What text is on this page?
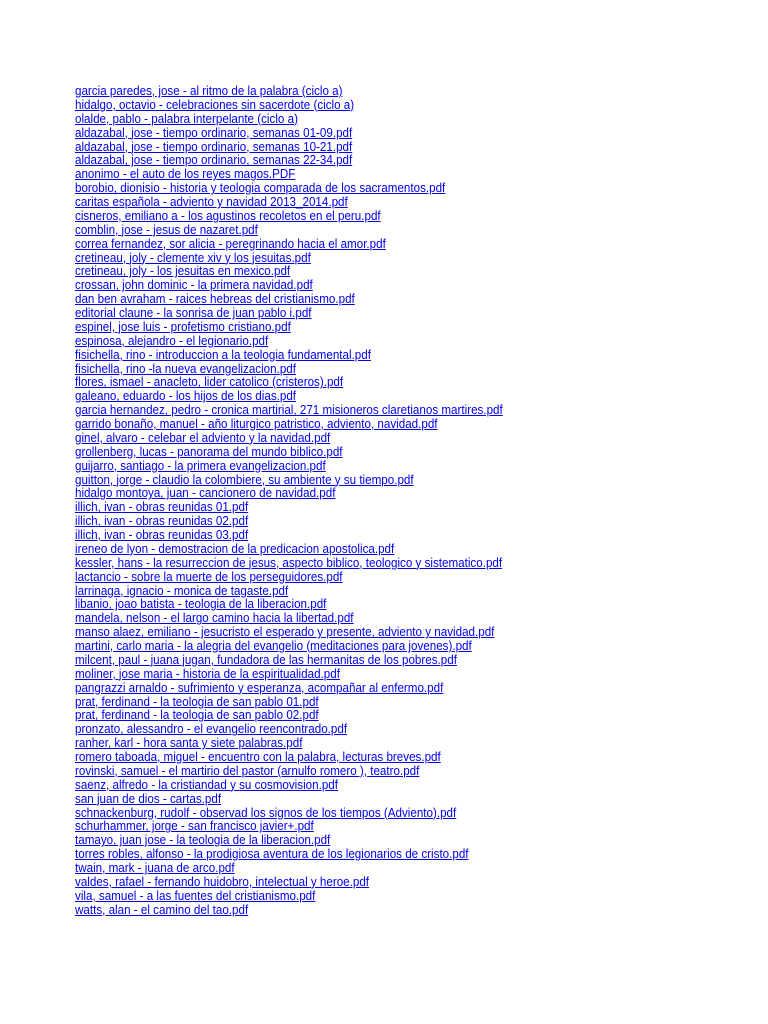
garcia paredes, jose - al ritmo de la palabra (ciclo a)
hidalgo, octavio - celebraciones sin sacerdote (ciclo a)
olalde, pablo - palabra interpelante (ciclo a)
aldazabal, jose - tiempo ordinario, semanas 01-09.pdf
aldazabal, jose - tiempo ordinario, semanas 10-21.pdf
aldazabal, jose - tiempo ordinario, semanas 22-34.pdf
anonimo - el auto de los reyes magos.PDF
borobio, dionisio - historia y teologia comparada de los sacramentos.pdf
caritas española - adviento y navidad 2013_2014.pdf
cisneros, emiliano a - los agustinos recoletos en el peru.pdf
comblin, jose - jesus de nazaret.pdf
correa fernandez, sor alicia - peregrinando hacia el amor.pdf
cretineau, joly - clemente xiv y los jesuitas.pdf
cretineau, joly - los jesuitas en mexico.pdf
crossan, john dominic - la primera navidad.pdf
dan ben avraham - raices hebreas del cristianismo.pdf
editorial claune - la sonrisa de juan pablo i.pdf
espinel, jose luis - profetismo cristiano.pdf
espinosa, alejandro - el legionario.pdf
fisichella, rino - introduccion a la teologia fundamental.pdf
fisichella, rino -la nueva evangelizacion.pdf
flores, ismael - anacleto, lider catolico (cristeros).pdf
galeano, eduardo - los hijos de los dias.pdf
garcia hernandez, pedro - cronica martirial, 271 misioneros claretianos martires.pdf
garrido bonaño, manuel - año liturgico patristico, adviento, navidad.pdf
ginel, alvaro - celebar el adviento y la navidad.pdf
grollenberg, lucas - panorama del mundo biblico.pdf
guijarro, santiago - la primera evangelizacion.pdf
guitton, jorge - claudio la colombiere, su ambiente y su tiempo.pdf
hidalgo montoya, juan - cancionero de navidad.pdf
illich, ivan - obras reunidas 01.pdf
illich, ivan - obras reunidas 02.pdf
illich, ivan - obras reunidas 03.pdf
ireneo de lyon - demostracion de la predicacion apostolica.pdf
kessler, hans - la resurreccion de jesus, aspecto biblico, teologico y sistematico.pdf
lactancio - sobre la muerte de los perseguidores.pdf
larrinaga, ignacio - monica de tagaste.pdf
libanio, joao batista - teologia de la liberacion.pdf
mandela, nelson - el largo camino hacia la libertad.pdf
manso alaez, emiliano - jesucristo el esperado y presente, adviento y navidad.pdf
martini, carlo maria - la alegria del evangelio (meditaciones para jovenes).pdf
milcent, paul - juana jugan, fundadora de las hermanitas de los pobres.pdf
moliner, jose maria - historia de la espiritualidad.pdf
pangrazzi arnaldo - sufrimiento y esperanza, acompañar al enfermo.pdf
prat, ferdinand - la teologia de san pablo 01.pdf
prat, ferdinand - la teologia de san pablo 02.pdf
pronzato, alessandro - el evangelio reencontrado.pdf
ranher, karl - hora santa y siete palabras.pdf
romero taboada, miguel - encuentro con la palabra, lecturas breves.pdf
rovinski, samuel - el martirio del pastor (arnulfo romero ), teatro.pdf
saenz, alfredo - la cristiandad y su cosmovision.pdf
san juan de dios - cartas.pdf
schnackenburg, rudolf - observad los signos de los tiempos (Adviento).pdf
schurhammer, jorge - san francisco javier+.pdf
tamayo, juan jose - la teologia de la liberacion.pdf
torres robles, alfonso - la prodigiosa aventura de los legionarios de cristo.pdf
twain, mark - juana de arco.pdf
valdes, rafael - fernando huidobro, intelectual y heroe.pdf
vila, samuel - a las fuentes del cristianismo.pdf
watts, alan - el camino del tao.pdf
